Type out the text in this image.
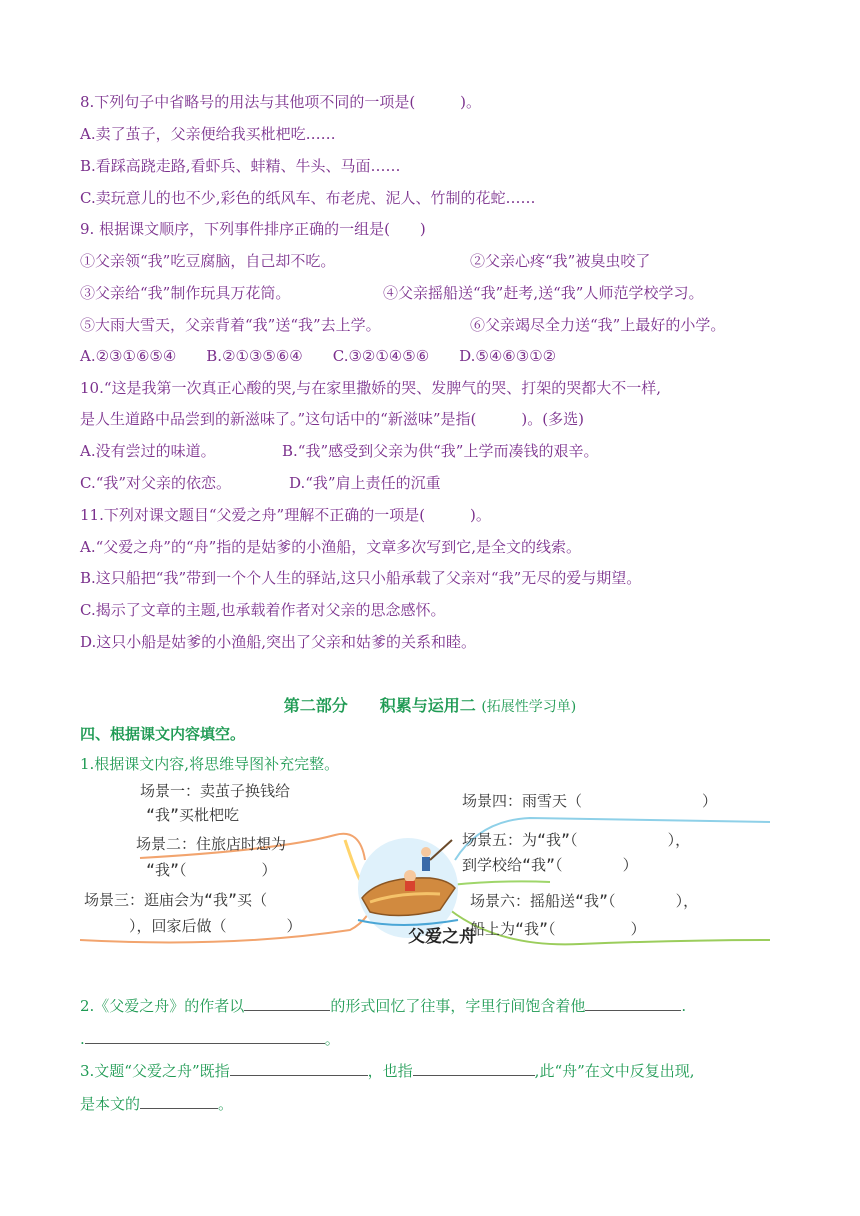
8.下列句子中省略号的用法与其他项不同的一项是(　　　)。
A.卖了茧子，父亲便给我买枇杷吃……
B.看踩高跷走路,看虾兵、蚌精、牛头、马面……
C.卖玩意儿的也不少,彩色的纸风车、布老虎、泥人、竹制的花蛇……
9. 根据课文顺序，下列事件排序正确的一组是(　　)
①父亲领“我”吃豆腐脑，自己却不吃。	②父亲心疼“我”被臭虫咬了
③父亲给“我”制作玩具万花筒。	④父亲摇船送“我”赶考,送“我”人师范学校学习。
⑤大雨大雪天，父亲背着“我”送“我”去上学。	⑥父亲竭尽全力送“我”上最好的小学。
A.②③①⑥⑤④　　B.②①③⑤⑥④　　C.③②①④⑤⑥　　D.⑤④⑥③①②
10.“这是我第一次真正心酸的哭,与在家里撒娇的哭、发脾气的哭、打架的哭都大不一样,
是人生道路中品尝到的新滋味了。”这句话中的“新滋味”是指(　　　)。(多选)
A.没有尝过的味道。	B.“我”感受到父亲为供“我”上学而凑钱的艰辛。
C.“我”对父亲的依恋。	D.“我”肩上责任的沉重
11.下列对课文题目“父爱之舟”理解不正确的一项是(　　　)。
A.“父爱之舟”的“舟”指的是姑爹的小渔船，文章多次写到它,是全文的线索。
B.这只船把“我”带到一个个人生的驿站,这只小船承载了父亲对“我”无尽的爱与期望。
C.揭示了文章的主题,也承载着作者对父亲的思念感怀。
D.这只小船是姑爹的小渔船,突出了父亲和姑爹的关系和睦。
第二部分　　积累与运用二 (拓展性学习单)
四、根据课文内容填空。
1.根据课文内容,将思维导图补充完整。
父爱之舟
场景一：卖茧子换钱给
“我”买枇杷吃
场景二：住旅店时想为
“我”（　　　　　）
场景三：逛庙会为“我”买（　　　
　），回家后做（　　　　）
场景四：雨雪天（　　　　　　　　）
场景五：为“我”（　　　　　　），
到学校给“我”（　　　　）
场景六：摇船送“我”（　　　　），
船上为“我”（　　　　　）
2.《父爱之舟》的作者以	的形式回忆了往事，字里行间饱含着他	.
.	。
3.文题“父爱之舟”既指	，也指	,此“舟”在文中反复出现,
是本文的	。
